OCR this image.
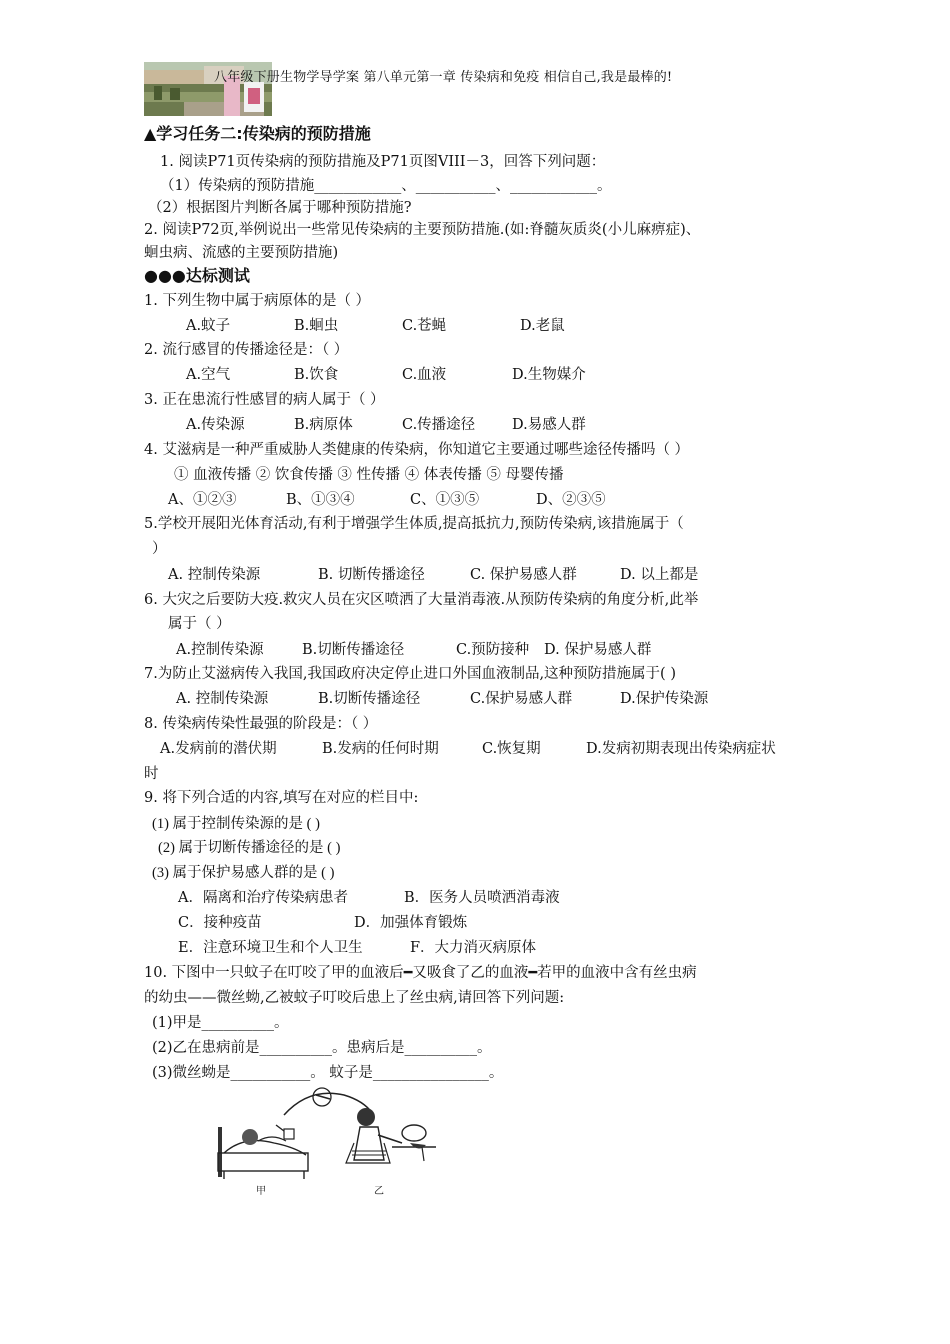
八年级下册生物学导学案 第八单元第一章 传染病和免疫 相信自己,我是最棒的!
▲学习任务二:传染病的预防措施
1. 阅读P71页传染病的预防措施及P71页图VIII－3，回答下列问题：
（1）传染病的预防措施____________、___________、____________。
（2）根据图片判断各属于哪种预防措施?
2. 阅读P72页,举例说出一些常见传染病的主要预防措施.(如:脊髓灰质炎(小儿麻痹症)、
蛔虫病、流感的主要预防措施)
●●●达标测试
1. 下列生物中属于病原体的是（ ）
A.蚊子	B.蛔虫	C.苍蝇	D.老鼠
2. 流行感冒的传播途径是：（ ）
A.空气	B.饮食	C.血液	D.生物媒介
3. 正在患流行性感冒的病人属于（ ）
A.传染源	B.病原体	C.传播途径	D.易感人群
4. 艾滋病是一种严重威胁人类健康的传染病，你知道它主要通过哪些途径传播吗（ ）
① 血液传播 ② 饮食传播 ③ 性传播 ④ 体表传播 ⑤ 母婴传播
A、①②③	B、①③④	C、①③⑤	D、②③⑤
5.学校开展阳光体育活动,有利于增强学生体质,提高抵抗力,预防传染病,该措施属于（
）
A. 控制传染源	B. 切断传播途径	C. 保护易感人群	D. 以上都是
6. 大灾之后要防大疫.救灾人员在灾区喷洒了大量消毒液.从预防传染病的角度分析,此举
属于（ ）
A.控制传染源	B.切断传播途径	C.预防接种 D. 保护易感人群
7.为防止艾滋病传入我国,我国政府决定停止进口外国血液制品,这种预防措施属于( )
A. 控制传染源	B.切断传播途径	C.保护易感人群	D.保护传染源
8. 传染病传染性最强的阶段是：（ ）
A.发病前的潜伏期	B.发病的任何时期	C.恢复期	D.发病初期表现出传染病症状
时
9. 将下列合适的内容,填写在对应的栏目中:
(1) 属于控制传染源的是 ( )
(2) 属于切断传播途径的是 ( )
(3) 属于保护易感人群的是 ( )
A．隔离和治疗传染病患者	B．医务人员喷洒消毒液
C．接种疫苗	D．加强体育锻炼
E．注意环境卫生和个人卫生	F．大力消灭病原体
10. 下图中一只蚊子在叮咬了甲的血液后━又吸食了乙的血液━若甲的血液中含有丝虫病
的幼虫——微丝蚴,乙被蚊子叮咬后患上了丝虫病,请回答下列问题:
(1)甲是__________。
(2)乙在患病前是__________。患病后是__________。
(3)微丝蚴是___________。 蚊子是________________。
甲	乙
